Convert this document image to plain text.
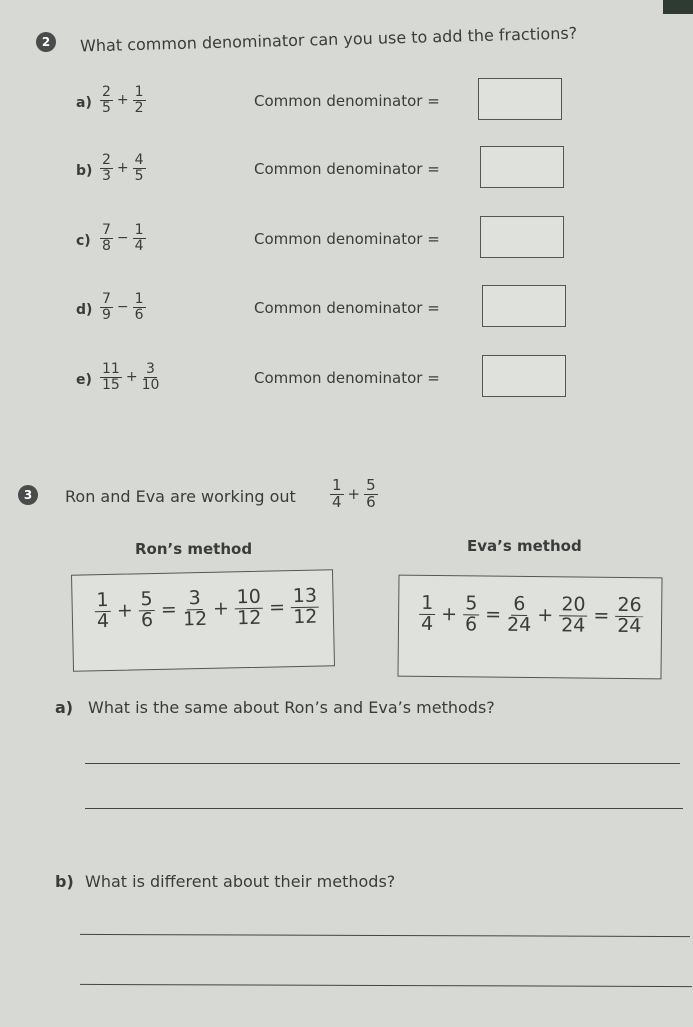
2	What common denominator can you use to add the fractions?
$a) \frac{2}{5} + \frac{1}{2}$	Common denominator =
$b) \frac{2}{3} + \frac{4}{5}$	Common denominator =
$c) \frac{7}{8} - \frac{1}{4}$	Common denominator =
$d) \frac{7}{9} - \frac{1}{6}$	Common denominator =
$e) \frac{11}{15} + \frac{3}{10}$	Common denominator =
3	Ron and Eva are working out $\frac{1}{4} + \frac{5}{6}$
Ron’s method	Eva’s method
$\frac{1}{4} + \frac{5}{6} = \frac{3}{12} + \frac{10}{12} = \frac{13}{12}$	$\frac{1}{4} + \frac{5}{6} = \frac{6}{24} + \frac{20}{24} = \frac{26}{24}$
a) What is the same about Ron’s and Eva’s methods?
b) What is different about their methods?
